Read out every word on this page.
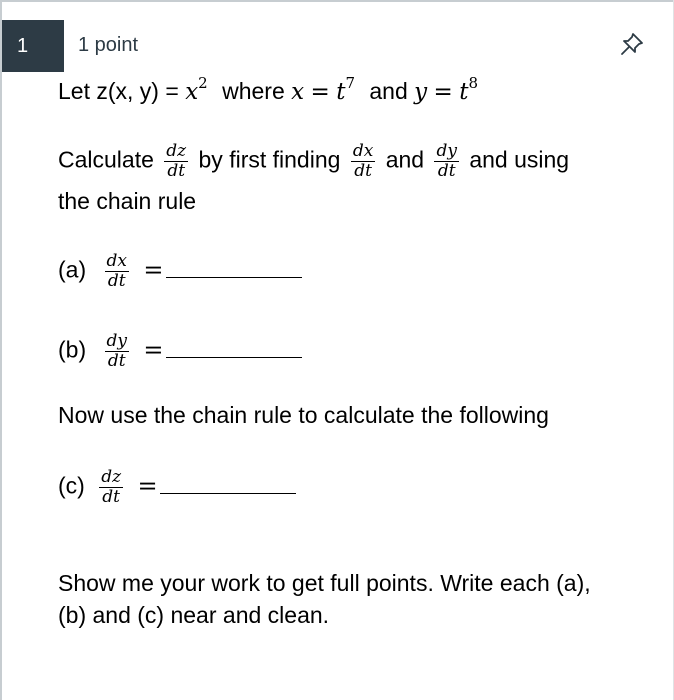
1	1 point
Let z(x, $y) = x^2$ where $x = t^7$ and $y = t^8$
Calculate $\frac{dz}{dt}$ by first finding $\frac{dx}{dt}$ and $\frac{dy}{dt}$ and using
the chain rule
$(a) \frac{dx}{dt}$ =
$(b) \frac{dy}{dt}$ =
Now use the chain rule to calculate the following
$(c) \frac{dz}{dt}$ =
Show me your work to get full points. Write each (a),
(b) and (c) near and clean.
